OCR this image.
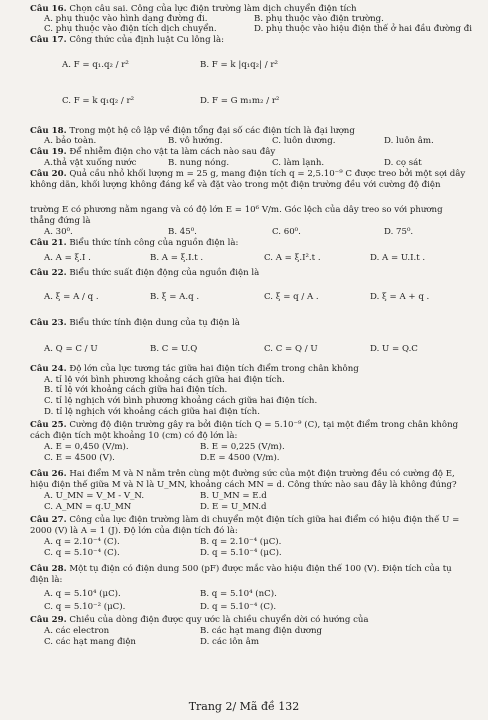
Câu 16. Chọn câu sai. Công của lực điện trường làm dịch chuyển điện tích
A. phụ thuộc vào hình dạng đường đi.	B. phụ thuộc vào điện trường.
C. phụ thuộc vào điện tích dịch chuyển.	D. phụ thuộc vào hiệu điện thế ở hai đầu đường đi
Câu 17. Công thức của định luật Cu lông là:
A. F = q₁.q₂ / r²	B. F = k |q₁q₂| / r²
C. F = k q₁q₂ / r²	D. F = G m₁m₂ / r²
Câu 18. Trong một hệ cô lập về điện tổng đại số các điện tích là đại lượng
A. bảo toàn.	B. vô hướng.	C. luôn dương.	D. luôn âm.
Câu 19. Để nhiễm điện cho vật ta làm cách nào sau đây
A.thả vật xuống nước	B. nung nóng.	C. làm lạnh.	D. cọ sát
Câu 20. Quả cầu nhỏ khối lượng m = 25 g, mang điện tích q = 2,5.10⁻⁹ C được treo bởi một sợi dây
không dãn, khối lượng không đáng kể và đặt vào trong một điện trường đều với cường độ điện
trường E có phương nằm ngang và có độ lớn E = 10⁶ V/m. Góc lệch của dây treo so với phương
thẳng đứng là
A. 30⁰.	B. 45⁰.	C. 60⁰.	D. 75⁰.
Câu 21. Biểu thức tính công của nguồn điện là:
A. A = ξ.I .	B. A = ξ.I.t .	C. A = ξ.I².t .	D. A = U.I.t .
Câu 22. Biểu thức suất điện động của nguồn điện là
A. ξ = A / q .	B. ξ = A.q .	C. ξ = q / A .	D. ξ = A + q .
Câu 23. Biểu thức tính điện dung của tụ điện là
A. Q = C / U	B. C = U.Q	C. C = Q / U	D. U = Q.C
Câu 24. Độ lớn của lực tương tác giữa hai điện tích điểm trong chân không
A. tỉ lệ với bình phương khoảng cách giữa hai điện tích.
B. tỉ lệ với khoảng cách giữa hai điện tích.
C. tỉ lệ nghịch với bình phương khoảng cách giữa hai điện tích.
D. tỉ lệ nghịch với khoảng cách giữa hai điện tích.
Câu 25. Cường độ điện trường gây ra bởi điện tích Q = 5.10⁻⁹ (C), tại một điểm trong chân không
cách điện tích một khoảng 10 (cm) có độ lớn là:
A. E = 0,450 (V/m).	B. E = 0,225 (V/m).
C. E = 4500 (V).	D.E = 4500 (V/m).
Câu 26. Hai điểm M và N nằm trên cùng một đường sức của một điện trường đều có cường độ E,
hiệu điện thế giữa M và N là U_MN, khoảng cách MN = d. Công thức nào sau đây là không đúng?
A. U_MN = V_M - V_N.	B. U_MN = E.d
C. A_MN = q.U_MN	D. E = U_MN.d
Câu 27. Công của lực điện trường làm di chuyển một điện tích giữa hai điểm có hiệu điện thế U =
2000 (V) là A = 1 (J). Độ lớn của điện tích đó là:
A. q = 2.10⁻⁴ (C).	B. q = 2.10⁻⁴ (μC).
C. q = 5.10⁻⁴ (C).	D. q = 5.10⁻⁴ (μC).
Câu 28. Một tụ điện có điện dung 500 (pF) được mắc vào hiệu điện thế 100 (V). Điện tích của tụ
điện là:
A. q = 5.10⁴ (μC).	B. q = 5.10⁴ (nC).
C. q = 5.10⁻² (μC).	D. q = 5.10⁻⁴ (C).
Câu 29. Chiều của dòng điện được quy ước là chiều chuyển dời có hướng của
A. các electron	B. các hạt mang điện dương
C. các hạt mang điện	D. các iôn âm
Trang 2/ Mã đề 132
